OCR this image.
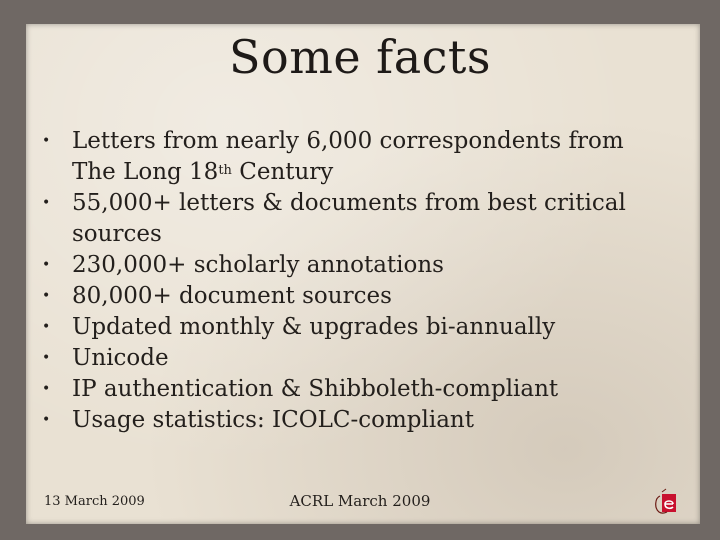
Some facts
• Letters from nearly 6,000 correspondents from The Long 18th Century
• 55,000+ letters & documents from best critical sources
• 230,000+ scholarly annotations
• 80,000+ document sources
• Updated monthly & upgrades bi-annually
• Unicode
• IP authentication & Shibboleth-compliant
• Usage statistics: ICOLC-compliant
13 March 2009	ACRL March 2009
